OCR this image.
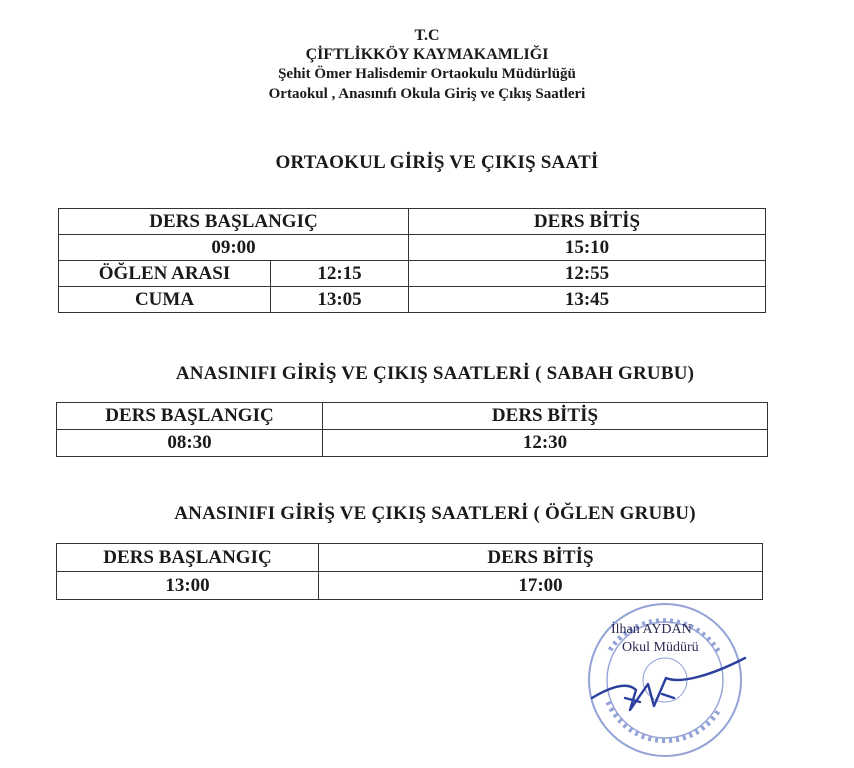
T.C
ÇİFTLİKKÖY KAYMAKAMLIĞI
Şehit Ömer Halisdemir Ortaokulu Müdürlüğü
Ortaokul , Anasınıfı Okula Giriş ve Çıkış Saatleri
ORTAOKUL GİRİŞ VE ÇIKIŞ SAATİ
DERS BAŞLANGIÇ		DERS BİTİŞ
09:00		15:10
ÖĞLEN ARASI	12:15	12:55
CUMA	13:05	13:45
ANASINIFI GİRİŞ VE ÇIKIŞ SAATLERİ ( SABAH GRUBU)
DERS BAŞLANGIÇ	DERS BİTİŞ
08:30	12:30
ANASINIFI GİRİŞ VE ÇIKIŞ SAATLERİ ( ÖĞLEN GRUBU)
DERS BAŞLANGIÇ	DERS BİTİŞ
13:00	17:00
İlhan AYDAN
Okul Müdürü
